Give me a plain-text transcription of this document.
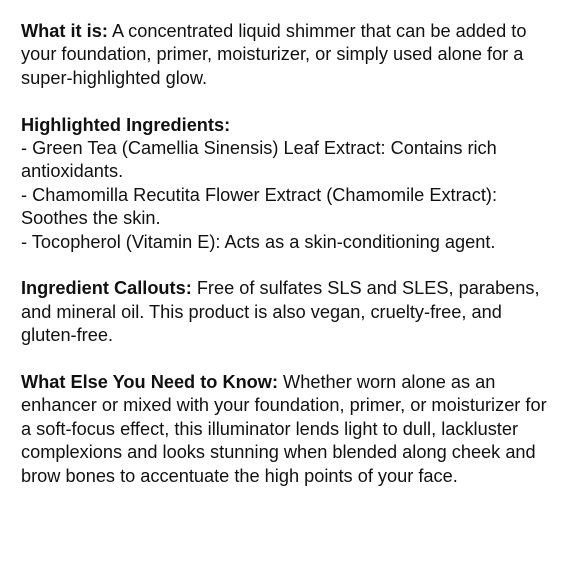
What it is: A concentrated liquid shimmer that can be added to your foundation, primer, moisturizer, or simply used alone for a super-highlighted glow.

Highlighted Ingredients:
- Green Tea (Camellia Sinensis) Leaf Extract: Contains rich antioxidants.
- Chamomilla Recutita Flower Extract (Chamomile Extract): Soothes the skin.
- Tocopherol (Vitamin E): Acts as a skin-conditioning agent.

Ingredient Callouts: Free of sulfates SLS and SLES, parabens, and mineral oil. This product is also vegan, cruelty-free, and gluten-free.

What Else You Need to Know: Whether worn alone as an enhancer or mixed with your foundation, primer, or moisturizer for a soft-focus effect, this illuminator lends light to dull, lackluster complexions and looks stunning when blended along cheek and brow bones to accentuate the high points of your face.
